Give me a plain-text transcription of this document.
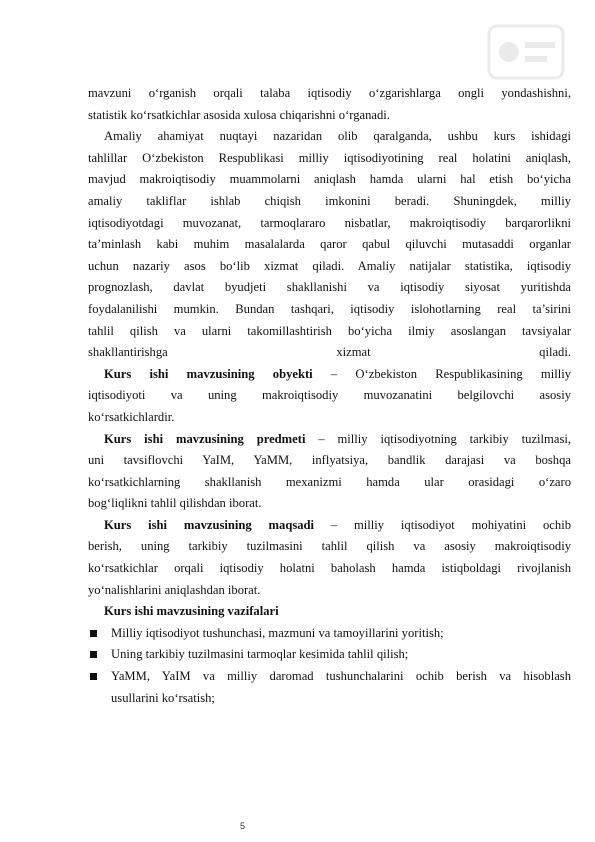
mavzuni o‘rganish orqali talaba iqtisodiy o‘zgarishlarga ongli yondashishni,

statistik ko‘rsatkichlar asosida xulosa chiqarishni o‘rganadi.

Amaliy ahamiyat nuqtayi nazaridan olib qaralganda, ushbu kurs ishidagi

tahlillar O‘zbekiston Respublikasi milliy iqtisodiyotining real holatini aniqlash,

mavjud makroiqtisodiy muammolarni aniqlash hamda ularni hal etish bo‘yicha

amaliy takliflar ishlab chiqish imkonini beradi. Shuningdek, milliy

iqtisodiyotdagi muvozanat, tarmoqlararo nisbatlar, makroiqtisodiy barqarorlikni

ta’minlash kabi muhim masalalarda qaror qabul qiluvchi mutasaddi organlar

uchun nazariy asos bo‘lib xizmat qiladi. Amaliy natijalar statistika, iqtisodiy

prognozlash, davlat byudjeti shakllanishi va iqtisodiy siyosat yuritishda

foydalanilishi mumkin. Bundan tashqari, iqtisodiy islohotlarning real ta’sirini

tahlil qilish va ularni takomillashtirish bo‘yicha ilmiy asoslangan tavsiyalar

shakllantirishga xizmat qiladi.

Kurs ishi mavzusining obyekti – O‘zbekiston Respublikasining milliy

iqtisodiyoti va uning makroiqtisodiy muvozanatini belgilovchi asosiy

ko‘rsatkichlardir.

Kurs ishi mavzusining predmeti – milliy iqtisodiyotning tarkibiy tuzilmasi,

uni tavsiflovchi YaIM, YaMM, inflyatsiya, bandlik darajasi va boshqa

ko‘rsatkichlarning shakllanish mexanizmi hamda ular orasidagi o‘zaro

bog‘liqlikni tahlil qilishdan iborat.

Kurs ishi mavzusining maqsadi – milliy iqtisodiyot mohiyatini ochib

berish, uning tarkibiy tuzilmasini tahlil qilish va asosiy makroiqtisodiy

ko‘rsatkichlar orqali iqtisodiy holatni baholash hamda istiqboldagi rivojlanish

yo‘nalishlarini aniqlashdan iborat.

Kurs ishi mavzusining vazifalari

Milliy iqtisodiyot tushunchasi, mazmuni va tamoyillarini yoritish;

Uning tarkibiy tuzilmasini tarmoqlar kesimida tahlil qilish;

YaMM, YaIM va milliy daromad tushunchalarini ochib berish va hisoblash

usullarini ko‘rsatish;

5
